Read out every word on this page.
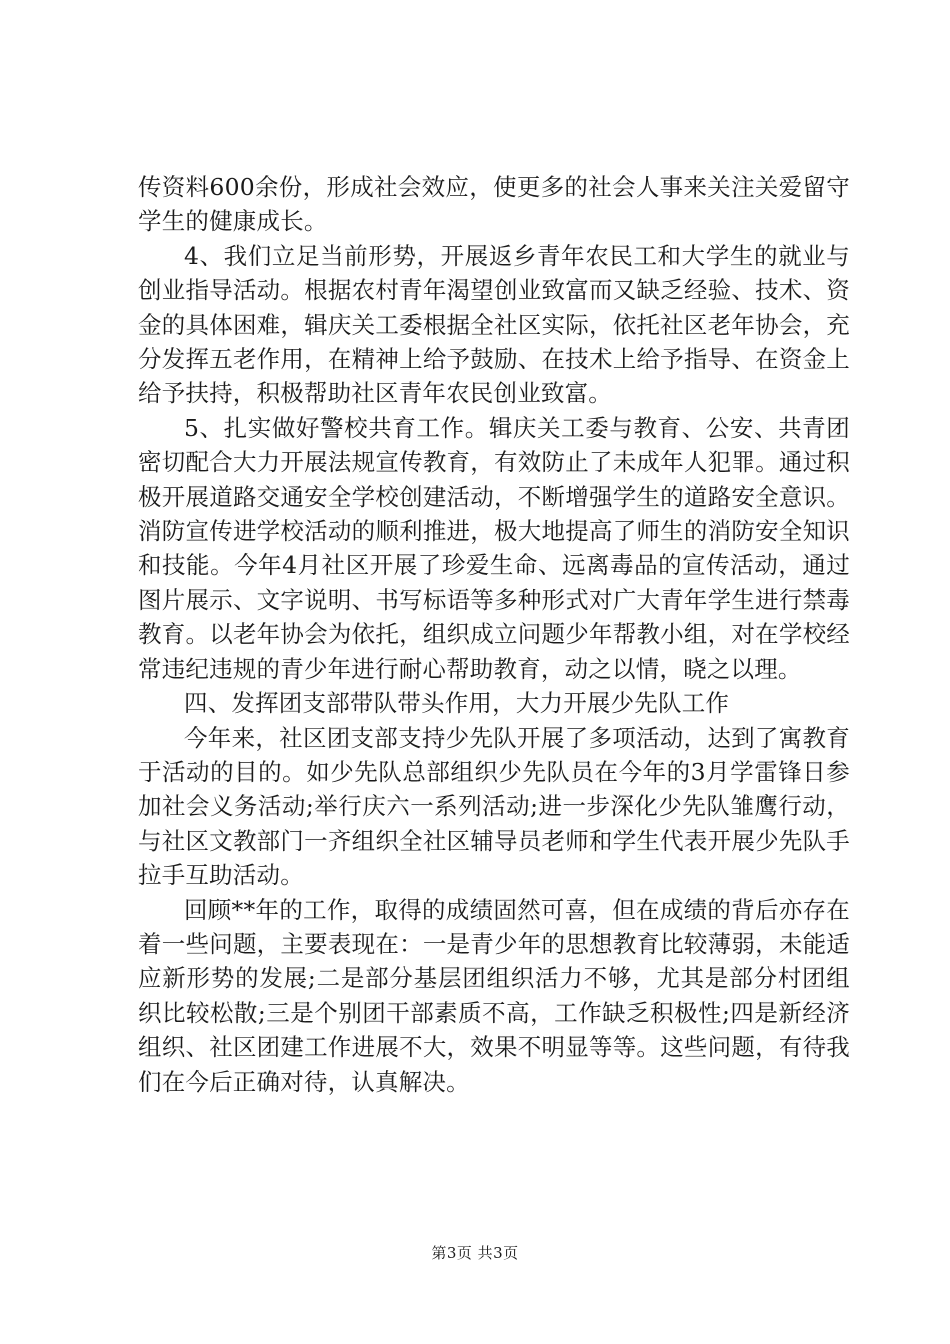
传资料600余份，形成社会效应，使更多的社会人事来关注关爱留守学生的健康成长。

4、我们立足当前形势，开展返乡青年农民工和大学生的就业与创业指导活动。根据农村青年渴望创业致富而又缺乏经验、技术、资金的具体困难，辑庆关工委根据全社区实际，依托社区老年协会，充分发挥五老作用，在精神上给予鼓励、在技术上给予指导、在资金上给予扶持，积极帮助社区青年农民创业致富。

5、扎实做好警校共育工作。辑庆关工委与教育、公安、共青团密切配合大力开展法规宣传教育，有效防止了未成年人犯罪。通过积极开展道路交通安全学校创建活动，不断增强学生的道路安全意识。消防宣传进学校活动的顺利推进，极大地提高了师生的消防安全知识和技能。今年4月社区开展了珍爱生命、远离毒品的宣传活动，通过图片展示、文字说明、书写标语等多种形式对广大青年学生进行禁毒教育。以老年协会为依托，组织成立问题少年帮教小组，对在学校经常违纪违规的青少年进行耐心帮助教育，动之以情，晓之以理。

四、发挥团支部带队带头作用，大力开展少先队工作

今年来，社区团支部支持少先队开展了多项活动，达到了寓教育于活动的目的。如少先队总部组织少先队员在今年的3月学雷锋日参加社会义务活动;举行庆六一系列活动;进一步深化少先队雏鹰行动，与社区文教部门一齐组织全社区辅导员老师和学生代表开展少先队手拉手互助活动。

回顾**年的工作，取得的成绩固然可喜，但在成绩的背后亦存在着一些问题，主要表现在：一是青少年的思想教育比较薄弱，未能适应新形势的发展;二是部分基层团组织活力不够，尤其是部分村团组织比较松散;三是个别团干部素质不高，工作缺乏积极性;四是新经济组织、社区团建工作进展不大，效果不明显等等。这些问题，有待我们在今后正确对待，认真解决。

第3页 共3页
